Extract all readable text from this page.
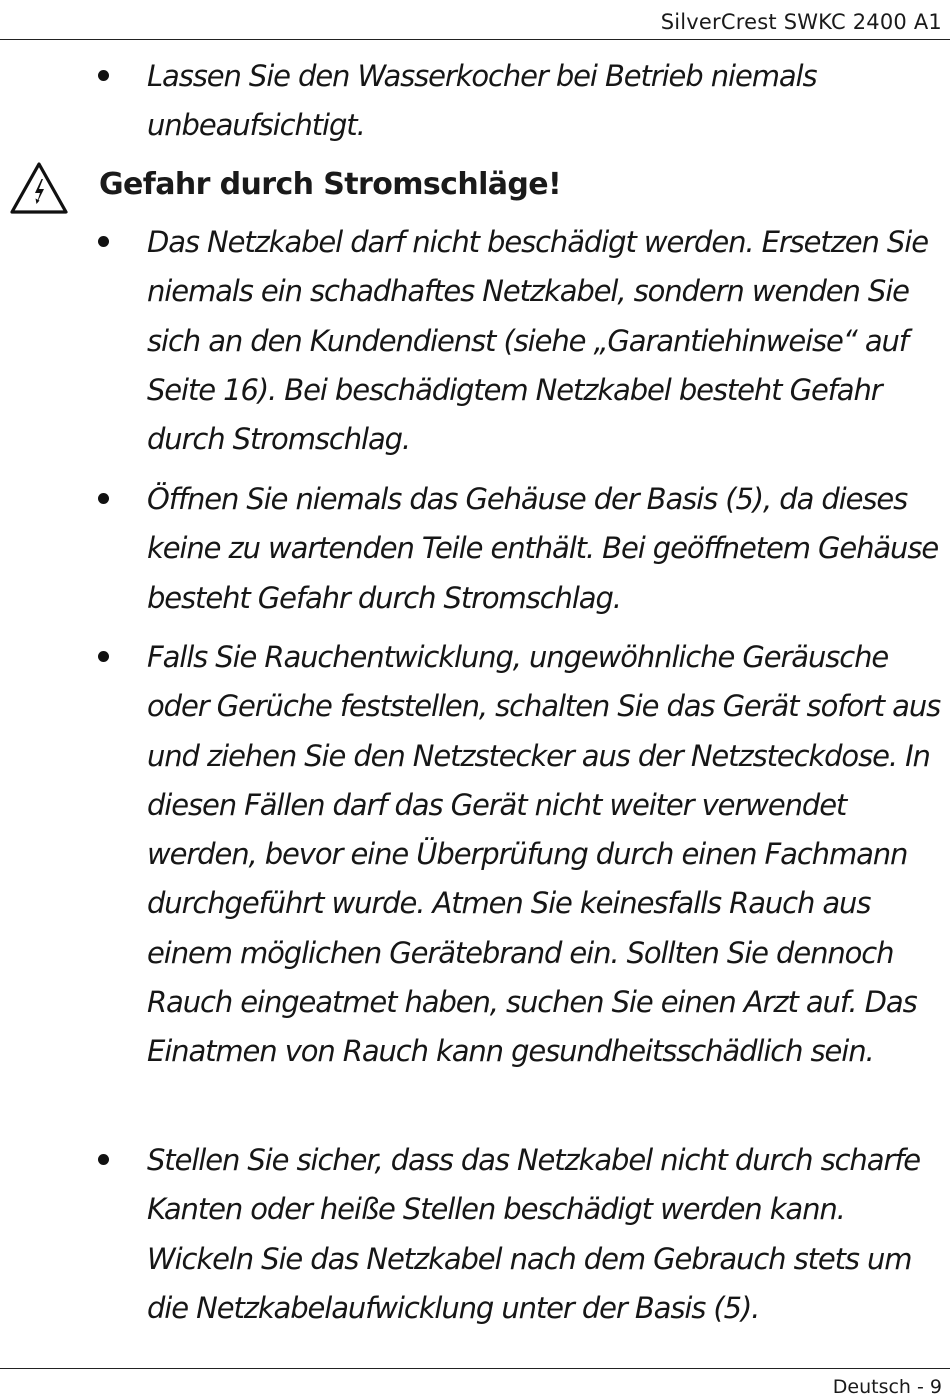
SilverCrest SWKC 2400 A1
Lassen Sie den Wasserkocher bei Betrieb niemals unbeaufsichtigt.
Gefahr durch Stromschläge!
Das Netzkabel darf nicht beschädigt werden. Ersetzen Sie niemals ein schadhaftes Netzkabel, sondern wenden Sie sich an den Kundendienst (siehe „Garantiehinweise“ auf Seite 16). Bei beschädigtem Netzkabel besteht Gefahr durch Stromschlag.
Öffnen Sie niemals das Gehäuse der Basis (5), da dieses keine zu wartenden Teile enthält. Bei geöffnetem Gehäuse besteht Gefahr durch Stromschlag.
Falls Sie Rauchentwicklung, ungewöhnliche Geräusche oder Gerüche feststellen, schalten Sie das Gerät sofort aus und ziehen Sie den Netzstecker aus der Netzsteckdose. In diesen Fällen darf das Gerät nicht weiter verwendet werden, bevor eine Überprüfung durch einen Fachmann durchgeführt wurde. Atmen Sie keinesfalls Rauch aus einem möglichen Gerätebrand ein. Sollten Sie dennoch Rauch eingeatmet haben, suchen Sie einen Arzt auf. Das Einatmen von Rauch kann gesundheitsschädlich sein.
Stellen Sie sicher, dass das Netzkabel nicht durch scharfe Kanten oder heiße Stellen beschädigt werden kann. Wickeln Sie das Netzkabel nach dem Gebrauch stets um die Netzkabelaufwicklung unter der Basis (5).
Deutsch - 9
